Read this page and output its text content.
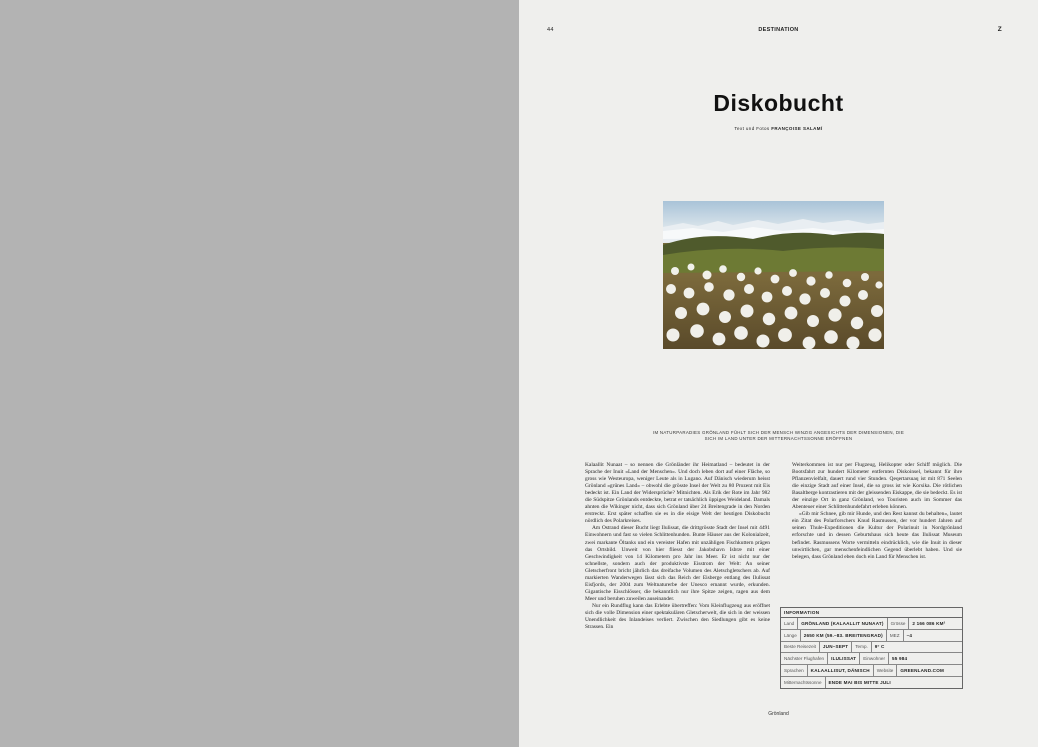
44	DESTINATION	Z
Diskobucht
Text und Fotos FRANÇOISE SALAMÍ
IM NATURPARADIES GRÖNLAND FÜHLT SICH DER MENSCH WINZIG ANGESICHTS DER DIMENSIONEN, DIE SICH IM LAND UNTER DER MITTERNACHTSSONNE ERÖFFNEN

Kalaallit Nunaat – so nennen die Grönländer ihr Heimatland – bedeutet in der Sprache der Inuit «Land der Menschen». Und doch leben dort auf einer Fläche, so gross wie Westeuropa, weniger Leute als in Lugano. Auf Dänisch wiederum heisst Grönland «grünes Land» – obwohl die grösste Insel der Welt zu 80 Prozent mit Eis bedeckt ist. Ein Land der Widersprüche? Mitnichten. Als Erik der Rote im Jahr 982 die Südspitze Grönlands entdeckte, betrat er tatsächlich üppiges Weideland. Damals ahnten die Wikinger nicht, dass sich Grönland über 24 Breitengrade in den Norden erstreckt. Erst später schaffen sie es in die eisige Welt der heutigen Diskobucht nördlich des Polarkreises.

Am Ostrand dieser Bucht liegt Ilulissat, die drittgrösste Stadt der Insel mit 4491 Einwohnern und fast so vielen Schlittenhunden. Bunte Häuser aus der Kolonialzeit, zwei markante Öltanks und ein vereister Hafen mit unzähligen Fischkuttern prägen das Ortsbild. Unweit von hier fliesst der Jakobshavn Isbræ mit einer Geschwindigkeit von 14 Kilometern pro Jahr ins Meer. Er ist nicht nur der schnellste, sondern auch der produktivste Eisstrom der Welt: An seiner Gletscherfront bricht jährlich das dreifache Volumen des Aletschgletschers ab. Auf markierten Wanderwegen lässt sich das Reich der Eisberge entlang des Ilulissat Eisfjords, der 2004 zum Weltnaturerbe der Unesco ernannt wurde, erkunden. Gigantische Eisschlösser, die bekanntlich nur ihre Spitze zeigen, ragen aus dem Meer und beruhen zuweilen auseinander.

Nur ein Rundflug kann das Erlebte übertreffen: Vom Kleinflugzeug aus eröffnet sich die volle Dimension einer spektakulären Gletscherwelt, die sich in der weissen Unendlichkeit des Inlandeises verliert. Zwischen den Siedlungen gibt es keine Strassen. Ein

Weiterkommen ist nur per Flugzeug, Helikopter oder Schiff möglich. Die Bootsfahrt zur hundert Kilometer entfernten Diskoinsel, bekannt für ihre Pflanzenvielfalt, dauert rund vier Stunden. Qeqertarsuaq ist mit 871 Seelen die einzige Stadt auf einer Insel, die so gross ist wie Korsika. Die rötlichen Basaltberge kontrastieren mit der gleissenden Eiskappe, die sie bedeckt. Es ist der einzige Ort in ganz Grönland, wo Touristen auch im Sommer das Abenteuer einer Schlittenhundefahrt erleben können.

«Gib mir Schnee, gib mir Hunde, und den Rest kannst du behalten», lautet ein Zitat des Polarforschers Knud Rasmussen, der vor hundert Jahren auf seinen Thule-Expeditionen die Kultur der Polarinuit in Nordgrönland erforschte und in dessen Geburtshaus sich heute das Ilulissat Museum befindet. Rasmussens Worte vermitteln eindrücklich, wie die Inuit in dieser unwirtlichen, gar menschenfeindlichen Gegend überlebt haben. Und sie belegen, dass Grönland eben doch ein Land für Menschen ist.

INFORMATION
Land	GRÖNLAND (KALAALLIT NUNAAT)	Grösse	2 166 086 KM²
Länge	2650 KM (59.–83. BREITENGRAD)	MEZ	–4
Beste Reisezeit	JUN–SEPT	Temp.	9° C
Nächster Flughafen	ILULISSAT	Einwohner	55 984
Sprachen	KALAALLISUT, DÄNISCH	Website	GREENLAND.COM
Mitternachtssonne	ENDE MAI BIS MITTE JULI
Grönland
